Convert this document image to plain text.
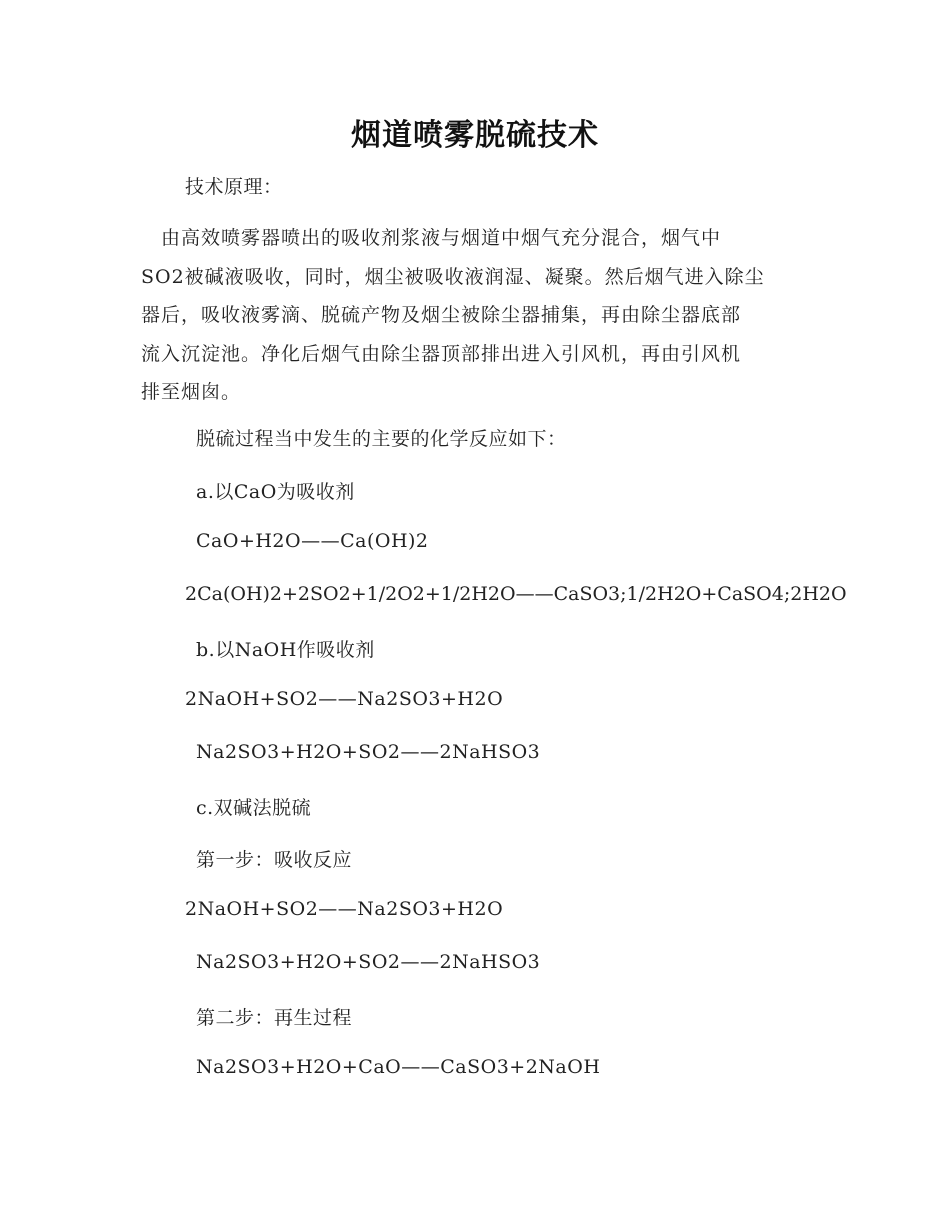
烟道喷雾脱硫技术
技术原理：
　由高效喷雾器喷出的吸收剂浆液与烟道中烟气充分混合，烟气中
SO2被碱液吸收，同时，烟尘被吸收液润湿、凝聚。然后烟气进入除尘
器后，吸收液雾滴、脱硫产物及烟尘被除尘器捕集，再由除尘器底部
流入沉淀池。净化后烟气由除尘器顶部排出进入引风机，再由引风机
排至烟囱。
脱硫过程当中发生的主要的化学反应如下：
a.以CaO为吸收剂
CaO+H2O——Ca(OH)2
2Ca(OH)2+2SO2+1/2O2+1/2H2O——CaSO3;1/2H2O+CaSO4;2H2O
b.以NaOH作吸收剂
2NaOH+SO2——Na2SO3+H2O
Na2SO3+H2O+SO2——2NaHSO3
c.双碱法脱硫
第一步：吸收反应
2NaOH+SO2——Na2SO3+H2O
Na2SO3+H2O+SO2——2NaHSO3
第二步：再生过程
Na2SO3+H2O+CaO——CaSO3+2NaOH
